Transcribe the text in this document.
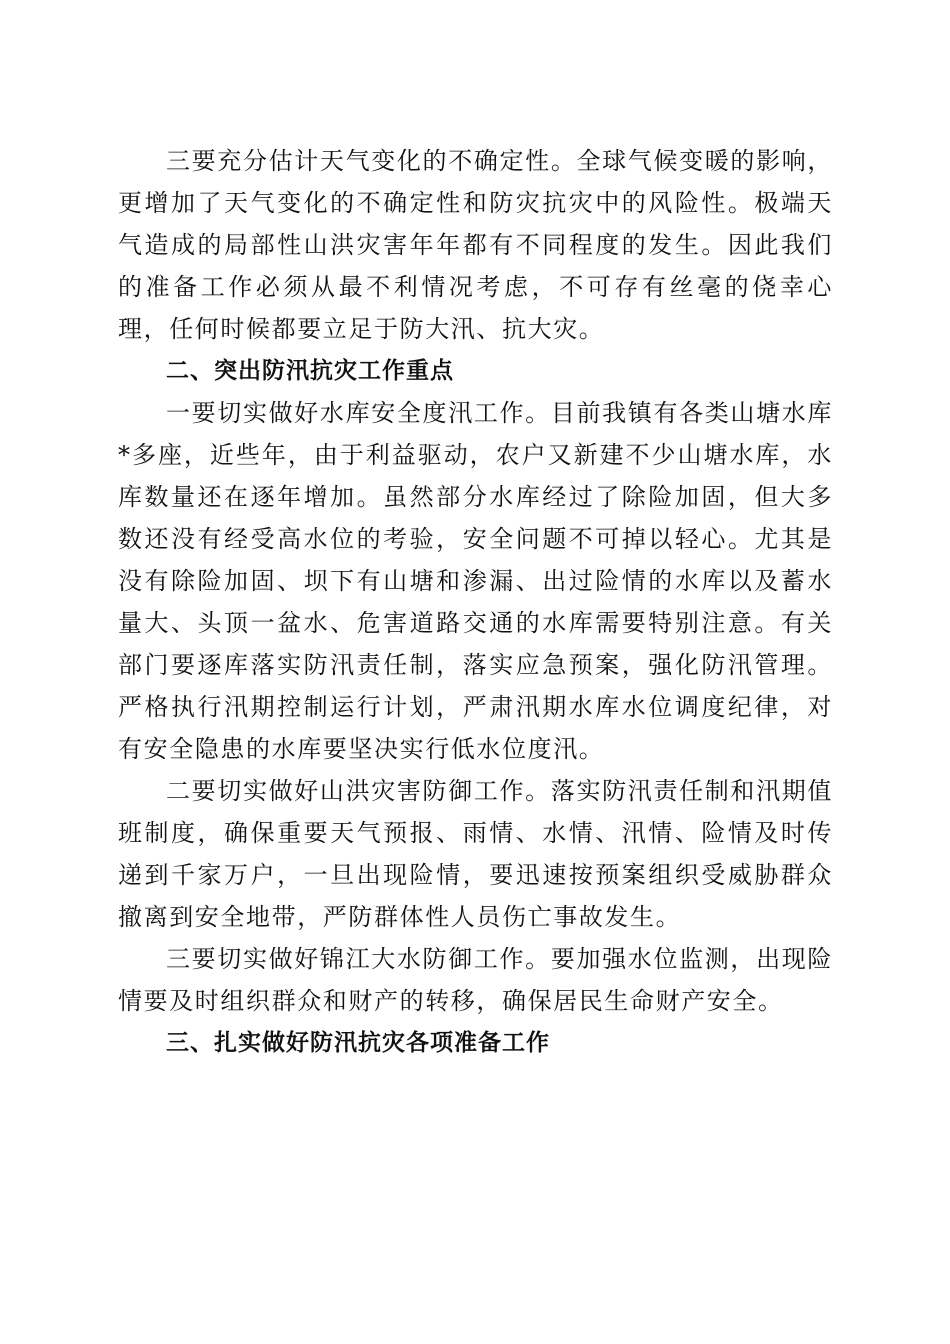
三要充分估计天气变化的不确定性。全球气候变暖的影响，更增加了天气变化的不确定性和防灾抗灾中的风险性。极端天气造成的局部性山洪灾害年年都有不同程度的发生。因此我们的准备工作必须从最不利情况考虑，不可存有丝毫的侥幸心理，任何时候都要立足于防大汛、抗大灾。

二、突出防汛抗灾工作重点

一要切实做好水库安全度汛工作。目前我镇有各类山塘水库*多座，近些年，由于利益驱动，农户又新建不少山塘水库，水库数量还在逐年增加。虽然部分水库经过了除险加固，但大多数还没有经受高水位的考验，安全问题不可掉以轻心。尤其是没有除险加固、坝下有山塘和渗漏、出过险情的水库以及蓄水量大、头顶一盆水、危害道路交通的水库需要特别注意。有关部门要逐库落实防汛责任制，落实应急预案，强化防汛管理。严格执行汛期控制运行计划，严肃汛期水库水位调度纪律，对有安全隐患的水库要坚决实行低水位度汛。

二要切实做好山洪灾害防御工作。落实防汛责任制和汛期值班制度，确保重要天气预报、雨情、水情、汛情、险情及时传递到千家万户，一旦出现险情，要迅速按预案组织受威胁群众撤离到安全地带，严防群体性人员伤亡事故发生。

三要切实做好锦江大水防御工作。要加强水位监测，出现险情要及时组织群众和财产的转移，确保居民生命财产安全。

三、扎实做好防汛抗灾各项准备工作
